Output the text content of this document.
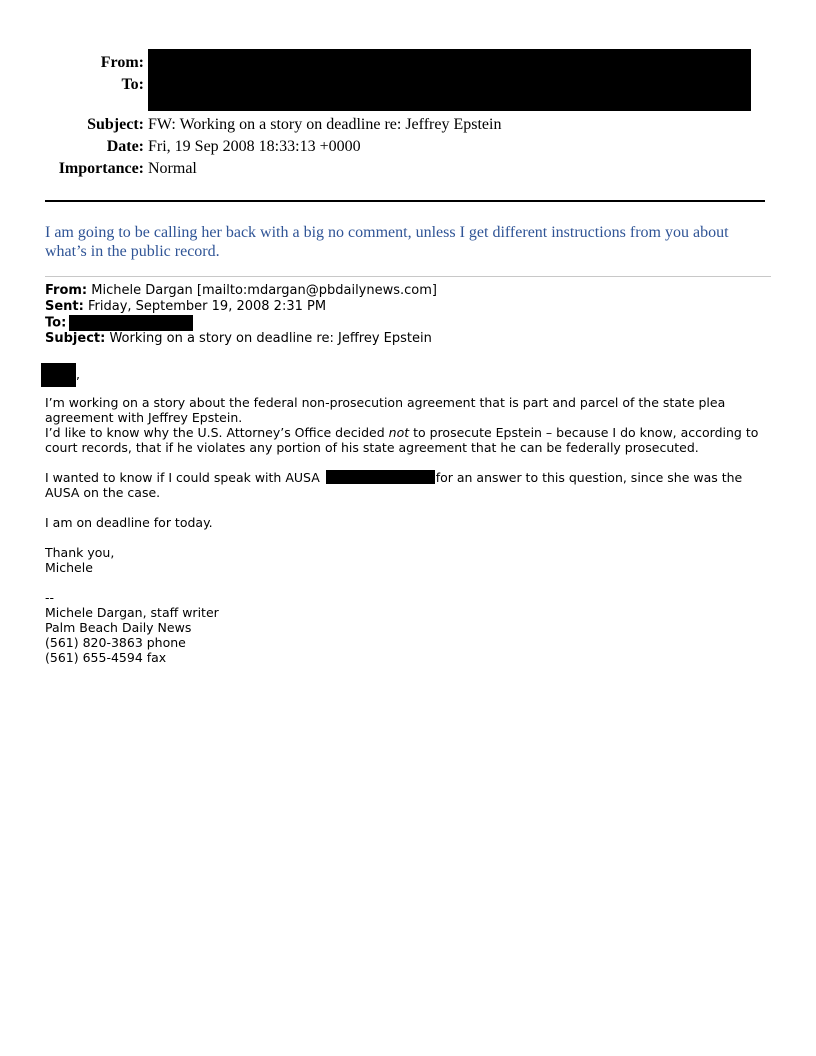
From:
To:
Subject: FW: Working on a story on deadline re: Jeffrey Epstein
Date: Fri, 19 Sep 2008 18:33:13 +0000
Importance: Normal
I am going to be calling her back with a big no comment, unless I get different instructions from you about what’s in the public record.
From: Michele Dargan [mailto:mdargan@pbdailynews.com]
Sent: Friday, September 19, 2008 2:31 PM
To:
Subject: Working on a story on deadline re: Jeffrey Epstein
,

I’m working on a story about the federal non-prosecution agreement that is part and parcel of the state plea agreement with Jeffrey Epstein.

I’d like to know why the U.S. Attorney’s Office decided not to prosecute Epstein – because I do know, according to court records, that if he violates any portion of his state agreement that he can be federally prosecuted.

I wanted to know if I could speak with AUSA	for an answer to this question, since she was the AUSA on the case.

I am on deadline for today.

Thank you,

Michele

--

Michele Dargan, staff writer

Palm Beach Daily News

(561) 820-3863 phone

(561) 655-4594 fax
